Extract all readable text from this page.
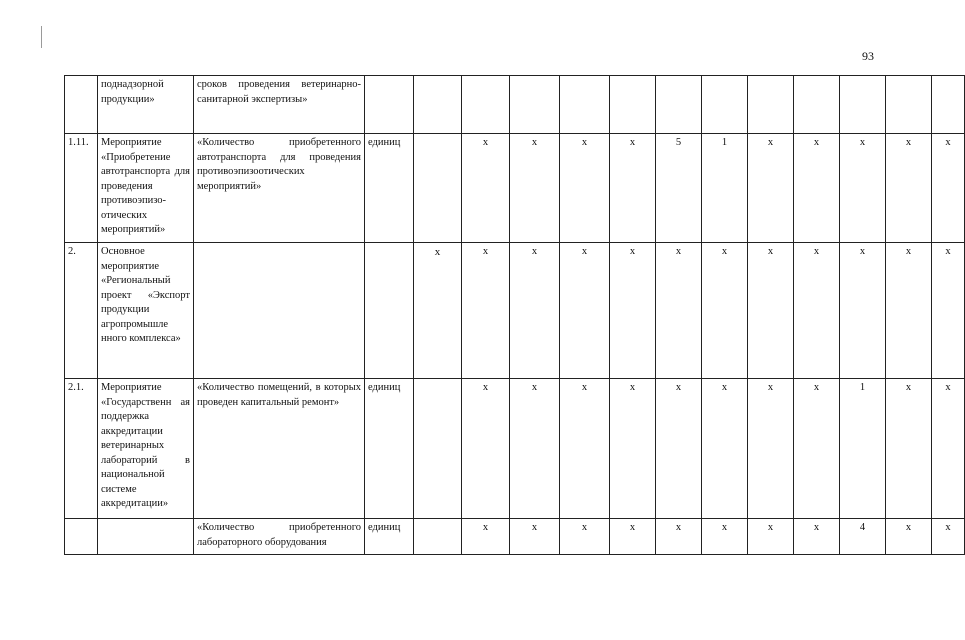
93
	поднадзорной продукции»	сроков проведения ветеринарно-санитарной экспертизы»													
1.11.	Мероприятие «Приобретение автотранспорта для проведения противоэпизо-отических мероприятий»	«Количество приобретенного автотранспорта для проведения противоэпизоотических мероприятий»	единиц		x	x	x	x	5	1	x	x	x	x	x
2.	Основное мероприятие «Региональный проект «Экспорт продукции агропромышле нного комплекса»			x	x	x	x	x	x	x	x	x	x	x	x
2.1.	Мероприятие «Государственн ая поддержка аккредитации ветеринарных лабораторий в национальной системе аккредитации»	«Количество помещений, в которых проведен капитальный ремонт»	единиц		x	x	x	x	x	x	x	x	1	x	x
		«Количество приобретенного лабораторного оборудования	единиц		x	x	x	x	x	x	x	x	4	x	x
